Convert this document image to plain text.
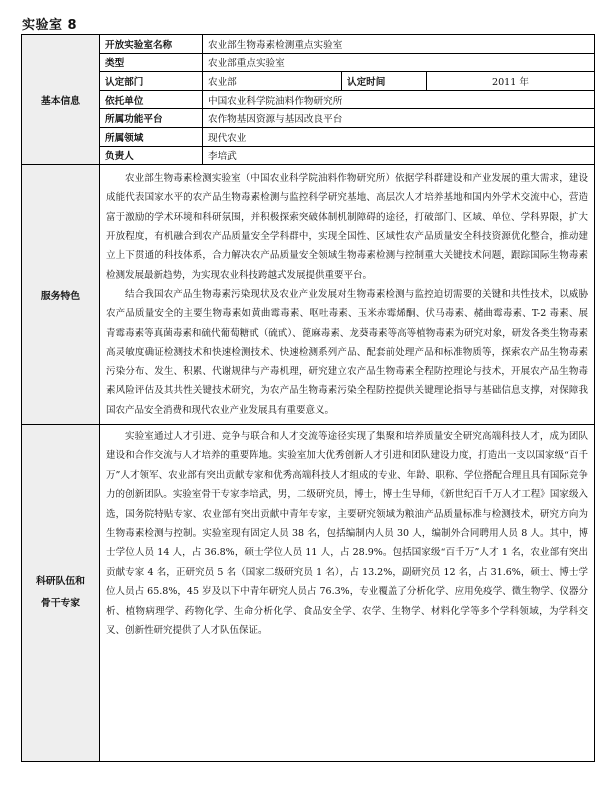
实验室 8
基本信息	开放实验室名称	农业部生物毒素检测重点实验室		
	类型	农业部重点实验室		
	认定部门	农业部	认定时间	2011 年
	依托单位	中国农业科学院油料作物研究所		
	所属功能平台	农作物基因资源与基因改良平台		
	所属领域	现代农业		
	负责人	李培武		
服务特色	农业部生物毒素检测实验室（中国农业科学院油料作物研究所）依据学科群建设和产业发展的重大需求，建设成能代表国家水平的农产品生物毒素检测与监控科学研究基地、高层次人才培养基地和国内外学术交流中心，营造富于激励的学术环境和科研氛围，并积极探索突破体制机制障碍的途径，打破部门、区域、单位、学科界限，扩大开放程度，有机融合到农产品质量安全学科群中，实现全国性、区域性农产品质量安全科技资源优化整合，推动建立上下贯通的科技体系，合力解决农产品质量安全领域生物毒素检测与控制重大关键技术问题，跟踪国际生物毒素检测发展最新趋势，为实现农业科技跨越式发展提供重要平台。

结合我国农产品生物毒素污染现状及农业产业发展对生物毒素检测与监控迫切需要的关键和共性技术，以威胁农产品质量安全的主要生物毒素如黄曲霉毒素、呕吐毒素、玉米赤霉烯酮、伏马毒素、赭曲霉毒素、T-2 毒素、展青霉毒素等真菌毒素和硫代葡萄糖甙（硫甙）、蓖麻毒素、龙葵毒素等高等植物毒素为研究对象，研发各类生物毒素高灵敏度确证检测技术和快速检测技术、快速检测系列产品、配套前处理产品和标准物质等，探索农产品生物毒素污染分布、发生、积累、代谢规律与产毒机理，研究建立农产品生物毒素全程防控理论与技术，开展农产品生物毒素风险评估及其共性关键技术研究，为农产品生物毒素污染全程防控提供关键理论指导与基础信息支撑，对保障我国农产品安全消费和现代农业产业发展具有重要意义。			

科研队伍和
骨干专家	实验室通过人才引进、竞争与联合和人才交流等途径实现了集聚和培养质量安全研究高端科技人才，成为团队建设和合作交流与人才培养的重要阵地。实验室加大优秀创新人才引进和团队建设力度，打造出一支以国家级“百千万”人才领军、农业部有突出贡献专家和优秀高端科技人才组成的专业、年龄、职称、学位搭配合理且具有国际竞争力的创新团队。实验室骨干专家李培武，男，二级研究员，博士，博士生导师，《新世纪百千万人才工程》国家级入选，国务院特贴专家、农业部有突出贡献中青年专家，主要研究领域为粮油产品质量标准与检测技术，研究方向为生物毒素检测与控制。实验室现有固定人员 38 名，包括编制内人员 30 人，编制外合同聘用人员 8 人。其中，博士学位人员 14 人，占 36.8%，硕士学位人员 11 人，占 28.9%。包括国家级“百千万”人才 1 名，农业部有突出贡献专家 4 名，正研究员 5 名（国家二级研究员 1 名），占 13.2%，副研究员 12 名，占 31.6%，硕士、博士学位人员占 65.8%，45 岁及以下中青年研究人员占 76.3%，专业覆盖了分析化学、应用免疫学、微生物学、仪器分析、植物病理学、药物化学、生命分析化学、食品安全学、农学、生物学、材料化学等多个学科领域，为学科交叉、创新性研究提供了人才队伍保证。			
